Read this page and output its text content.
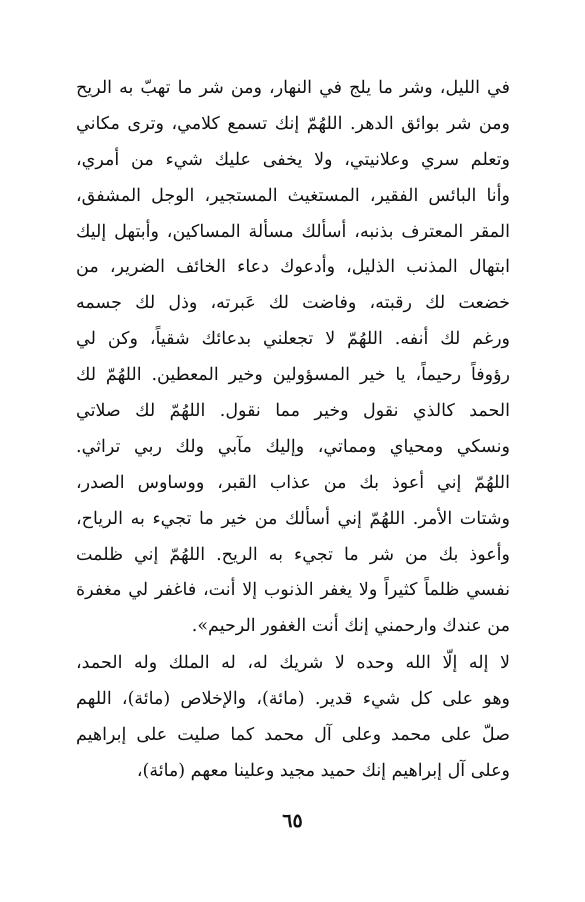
في الليل، وشر ما يلج في النهار، ومن شر ما تهبّ به الريح
ومن شر بوائق الدهر. اللهُمّ إنك تسمع كلامي، وترى مكاني
وتعلم سري وعلانيتي، ولا يخفى عليك شيء من أمري،
وأنا البائس الفقير، المستغيث المستجير، الوجل المشفق،
المقر المعترف بذنبه، أسألك مسألة المساكين، وأبتهل إليك
ابتهال المذنب الذليل، وأدعوك دعاء الخائف الضرير، من
خضعت لك رقبته، وفاضت لك عَبرته، وذل لك جسمه
ورغم لك أنفه. اللهُمّ لا تجعلني بدعائك شقياً، وكن لي
رؤوفاً رحيماً، يا خير المسؤولين وخير المعطين. اللهُمّ لك
الحمد كالذي نقول وخير مما نقول. اللهُمّ لك صلاتي
ونسكي ومحياي ومماتي، وإليك مآبي ولك ربي تراثي.
اللهُمّ إني أعوذ بك من عذاب القبر، ووساوس الصدر،
وشتات الأمر. اللهُمّ إني أسألك من خير ما تجيء به الرياح،
وأعوذ بك من شر ما تجيء به الريح. اللهُمّ إني ظلمت
نفسي ظلماً كثيراً ولا يغفر الذنوب إلا أنت، فاغفر لي مغفرة
من عندك وارحمني إنك أنت الغفور الرحيم».
لا إله إلّا الله وحده لا شريك له، له الملك وله الحمد،
وهو على كل شيء قدير. (مائة)، والإخلاص (مائة)، اللهم
صلّ على محمد وعلى آل محمد كما صليت على إبراهيم
وعلى آل إبراهيم إنك حميد مجيد وعلينا معهم (مائة)،
٦٥
